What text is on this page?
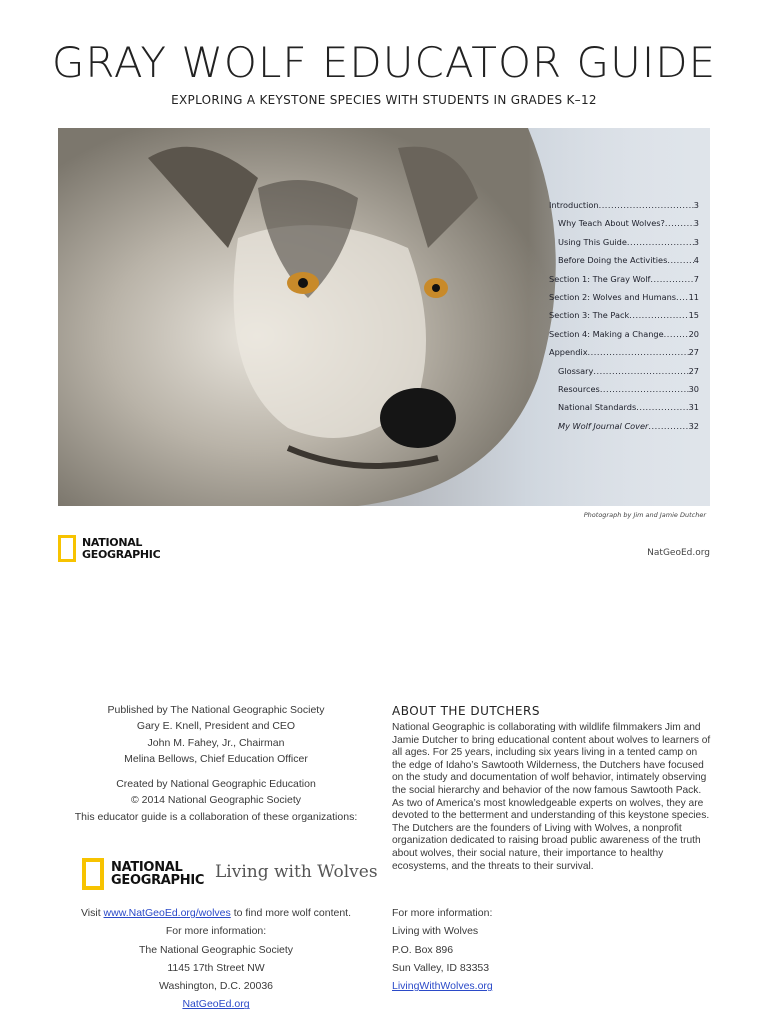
GRAY WOLF EDUCATOR GUIDE
EXPLORING A KEYSTONE SPECIES WITH STUDENTS IN GRADES K–12
Introduction .....	3
Why Teach About Wolves? .....	3
Using This Guide .....	3
Before Doing the Activities .....	4
Section 1: The Gray Wolf .....	7
Section 2: Wolves and Humans ..... 11
Section 3: The Pack .....	15
Section 4: Making a Change .....	20
Appendix .....	27
Glossary .....	27
Resources .....	30
National Standards .....	31
My Wolf Journal Cover .....	32
Photograph by Jim and Jamie Dutcher
NATIONAL
GEOGRAPHIC	NatGeoEd.org
Published by The National Geographic Society
Gary E. Knell, President and CEO
John M. Fahey, Jr., Chairman
Melina Bellows, Chief Education Officer
Created by National Geographic Education
© 2014 National Geographic Society
This educator guide is a collaboration of these organizations:
NATIONAL
GEOGRAPHIC Living with Wolves
Visit www.NatGeoEd.org/wolves to find more wolf content.
For more information:
The National Geographic Society
1145 17th Street NW
Washington, D.C. 20036
NatGeoEd.org
ABOUT THE DUTCHERS
National Geographic is collaborating with wildlife filmmakers Jim and Jamie Dutcher to bring educational content about wolves to learners of all ages. For 25 years, including six years living in a tented camp on the edge of Idaho’s Sawtooth Wilderness, the Dutchers have focused on the study and documentation of wolf behavior, intimately observing the social hierarchy and behavior of the now famous Sawtooth Pack. As two of America’s most knowledgeable experts on wolves, they are devoted to the betterment and understanding of this keystone species. The Dutchers are the founders of Living with Wolves, a nonprofit organization dedicated to raising broad public awareness of the truth about wolves, their social nature, their importance to healthy ecosystems, and the threats to their survival.
For more information:
Living with Wolves
P.O. Box 896
Sun Valley, ID 83353
LivingWithWolves.org
